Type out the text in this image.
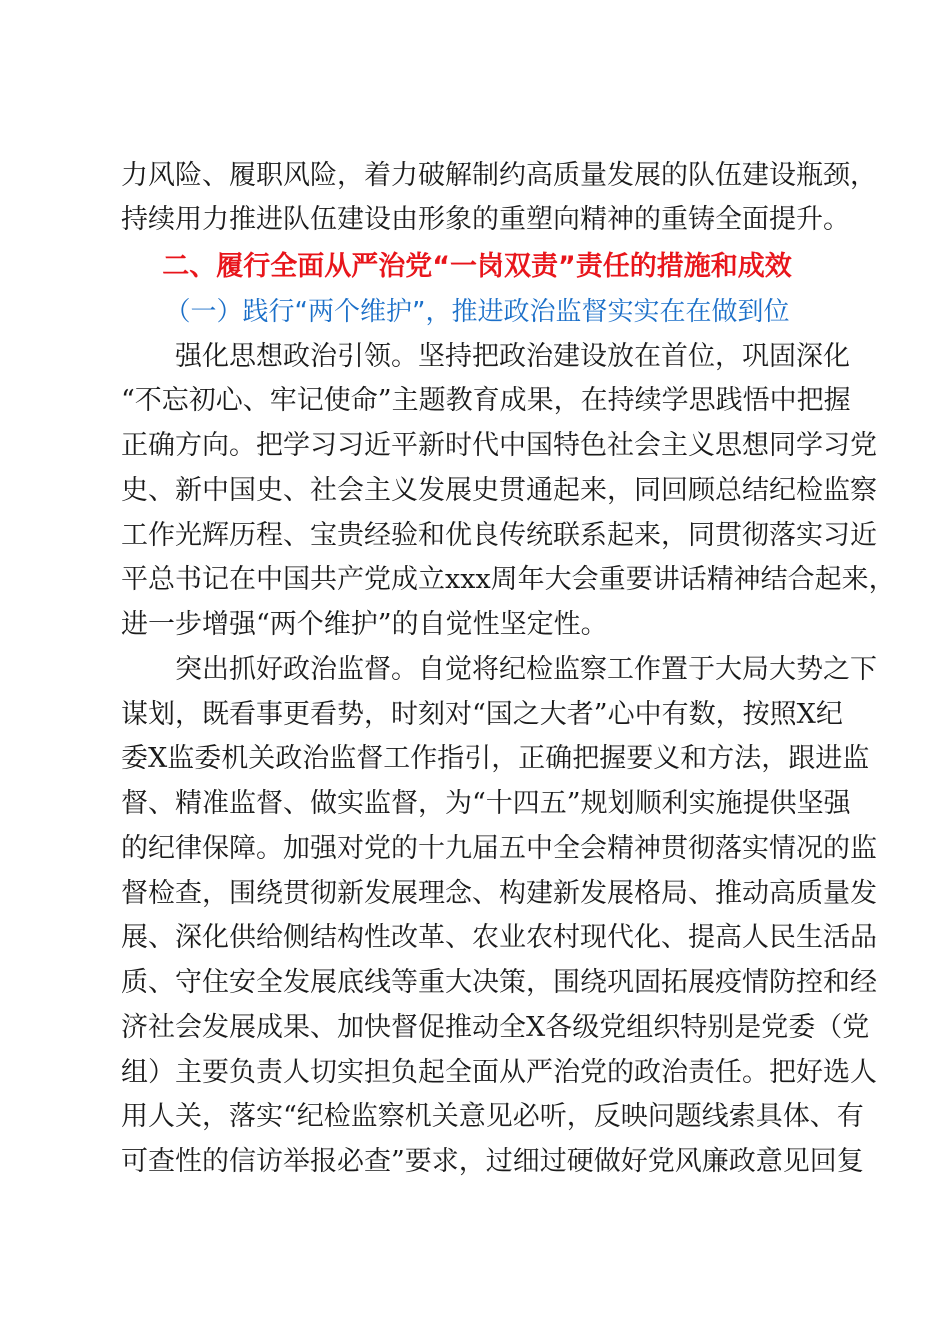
力风险、履职风险，着力破解制约高质量发展的队伍建设瓶颈，
持续用力推进队伍建设由形象的重塑向精神的重铸全面提升。
二、履行全面从严治党“一岗双责”责任的措施和成效
（一）践行“两个维护”，推进政治监督实实在在做到位
强化思想政治引领。坚持把政治建设放在首位，巩固深化
“不忘初心、牢记使命”主题教育成果，在持续学思践悟中把握
正确方向。把学习习近平新时代中国特色社会主义思想同学习党
史、新中国史、社会主义发展史贯通起来，同回顾总结纪检监察
工作光辉历程、宝贵经验和优良传统联系起来，同贯彻落实习近
平总书记在中国共产党成立xxx周年大会重要讲话精神结合起来，
进一步增强“两个维护”的自觉性坚定性。
突出抓好政治监督。自觉将纪检监察工作置于大局大势之下
谋划，既看事更看势，时刻对“国之大者”心中有数，按照X纪
委X监委机关政治监督工作指引，正确把握要义和方法，跟进监
督、精准监督、做实监督，为“十四五”规划顺利实施提供坚强
的纪律保障。加强对党的十九届五中全会精神贯彻落实情况的监
督检查，围绕贯彻新发展理念、构建新发展格局、推动高质量发
展、深化供给侧结构性改革、农业农村现代化、提高人民生活品
质、守住安全发展底线等重大决策，围绕巩固拓展疫情防控和经
济社会发展成果、加快督促推动全X各级党组织特别是党委（党
组）主要负责人切实担负起全面从严治党的政治责任。把好选人
用人关，落实“纪检监察机关意见必听，反映问题线索具体、有
可查性的信访举报必查”要求，过细过硬做好党风廉政意见回复
